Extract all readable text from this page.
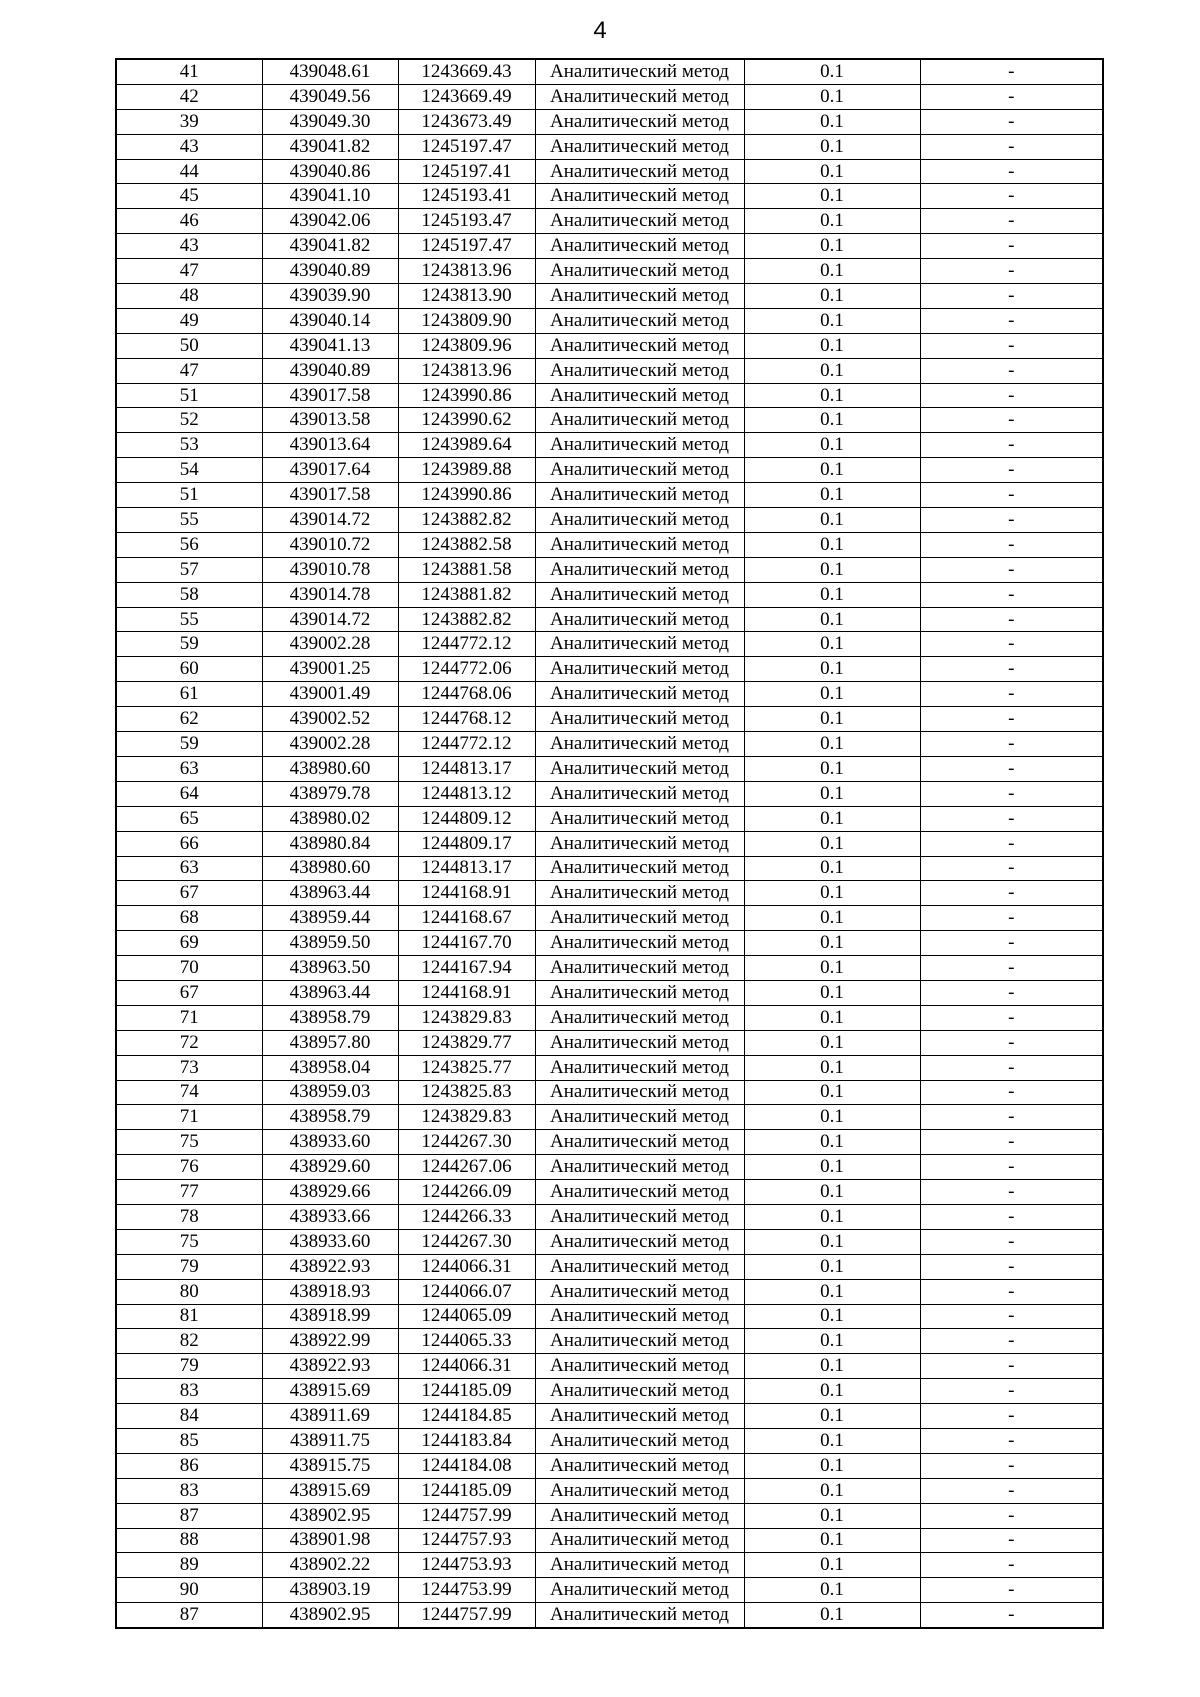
4
41	439048.61	1243669.43	Аналитический метод	0.1	-
42	439049.56	1243669.49	Аналитический метод	0.1	-
39	439049.30	1243673.49	Аналитический метод	0.1	-
43	439041.82	1245197.47	Аналитический метод	0.1	-
44	439040.86	1245197.41	Аналитический метод	0.1	-
45	439041.10	1245193.41	Аналитический метод	0.1	-
46	439042.06	1245193.47	Аналитический метод	0.1	-
43	439041.82	1245197.47	Аналитический метод	0.1	-
47	439040.89	1243813.96	Аналитический метод	0.1	-
48	439039.90	1243813.90	Аналитический метод	0.1	-
49	439040.14	1243809.90	Аналитический метод	0.1	-
50	439041.13	1243809.96	Аналитический метод	0.1	-
47	439040.89	1243813.96	Аналитический метод	0.1	-
51	439017.58	1243990.86	Аналитический метод	0.1	-
52	439013.58	1243990.62	Аналитический метод	0.1	-
53	439013.64	1243989.64	Аналитический метод	0.1	-
54	439017.64	1243989.88	Аналитический метод	0.1	-
51	439017.58	1243990.86	Аналитический метод	0.1	-
55	439014.72	1243882.82	Аналитический метод	0.1	-
56	439010.72	1243882.58	Аналитический метод	0.1	-
57	439010.78	1243881.58	Аналитический метод	0.1	-
58	439014.78	1243881.82	Аналитический метод	0.1	-
55	439014.72	1243882.82	Аналитический метод	0.1	-
59	439002.28	1244772.12	Аналитический метод	0.1	-
60	439001.25	1244772.06	Аналитический метод	0.1	-
61	439001.49	1244768.06	Аналитический метод	0.1	-
62	439002.52	1244768.12	Аналитический метод	0.1	-
59	439002.28	1244772.12	Аналитический метод	0.1	-
63	438980.60	1244813.17	Аналитический метод	0.1	-
64	438979.78	1244813.12	Аналитический метод	0.1	-
65	438980.02	1244809.12	Аналитический метод	0.1	-
66	438980.84	1244809.17	Аналитический метод	0.1	-
63	438980.60	1244813.17	Аналитический метод	0.1	-
67	438963.44	1244168.91	Аналитический метод	0.1	-
68	438959.44	1244168.67	Аналитический метод	0.1	-
69	438959.50	1244167.70	Аналитический метод	0.1	-
70	438963.50	1244167.94	Аналитический метод	0.1	-
67	438963.44	1244168.91	Аналитический метод	0.1	-
71	438958.79	1243829.83	Аналитический метод	0.1	-
72	438957.80	1243829.77	Аналитический метод	0.1	-
73	438958.04	1243825.77	Аналитический метод	0.1	-
74	438959.03	1243825.83	Аналитический метод	0.1	-
71	438958.79	1243829.83	Аналитический метод	0.1	-
75	438933.60	1244267.30	Аналитический метод	0.1	-
76	438929.60	1244267.06	Аналитический метод	0.1	-
77	438929.66	1244266.09	Аналитический метод	0.1	-
78	438933.66	1244266.33	Аналитический метод	0.1	-
75	438933.60	1244267.30	Аналитический метод	0.1	-
79	438922.93	1244066.31	Аналитический метод	0.1	-
80	438918.93	1244066.07	Аналитический метод	0.1	-
81	438918.99	1244065.09	Аналитический метод	0.1	-
82	438922.99	1244065.33	Аналитический метод	0.1	-
79	438922.93	1244066.31	Аналитический метод	0.1	-
83	438915.69	1244185.09	Аналитический метод	0.1	-
84	438911.69	1244184.85	Аналитический метод	0.1	-
85	438911.75	1244183.84	Аналитический метод	0.1	-
86	438915.75	1244184.08	Аналитический метод	0.1	-
83	438915.69	1244185.09	Аналитический метод	0.1	-
87	438902.95	1244757.99	Аналитический метод	0.1	-
88	438901.98	1244757.93	Аналитический метод	0.1	-
89	438902.22	1244753.93	Аналитический метод	0.1	-
90	438903.19	1244753.99	Аналитический метод	0.1	-
87	438902.95	1244757.99	Аналитический метод	0.1	-
